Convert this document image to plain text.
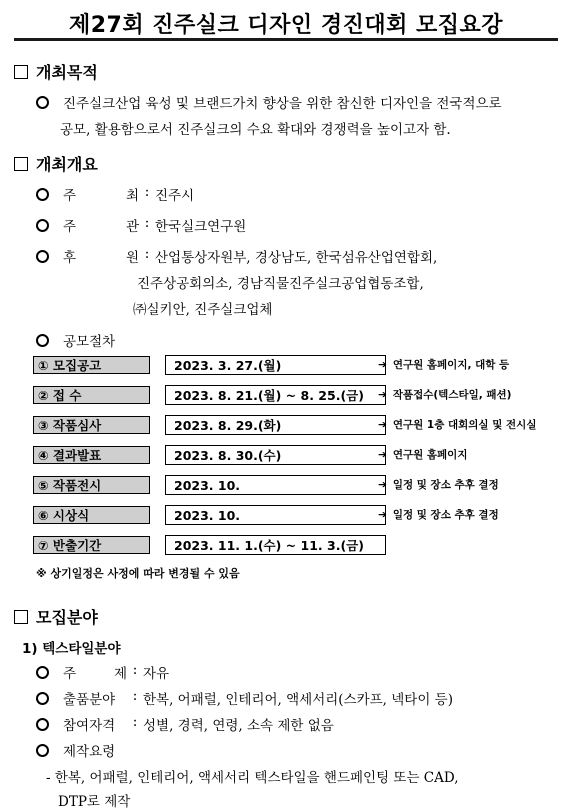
제27회 진주실크 디자인 경진대회 모집요강
개최목적
진주실크산업 육성 및 브랜드가치 향상을 위한 참신한 디자인을 전국적으로
공모, 활용함으로서 진주실크의 수요 확대와 경쟁력을 높이고자 함.
개최개요
주	최 : 진주시
주	관 : 한국실크연구원
후	원 : 산업통상자원부, 경상남도, 한국섬유산업연합회,
진주상공회의소, 경남직물진주실크공업협동조합,
㈜실키안, 진주실크업체
공모절차
① 모집공고	2023. 3. 27.(월)	➔ 연구원 홈페이지, 대학 등
② 접 수	2023. 8. 21.(월) ~ 8. 25.(금)	➔ 작품접수(텍스타일, 패션)
③ 작품심사	2023. 8. 29.(화)	➔ 연구원 1층 대회의실 및 전시실
④ 결과발표	2023. 8. 30.(수)	➔ 연구원 홈페이지
⑤ 작품전시	2023. 10.	➔ 일정 및 장소 추후 결정
⑥ 시상식	2023. 10.	➔ 일정 및 장소 추후 결정
⑦ 반출기간	2023. 11. 1.(수) ~ 11. 3.(금)
※ 상기일정은 사정에 따라 변경될 수 있음
모집분야
1) 텍스타일분야
주	제 : 자유
출품분야	: 한복, 어패럴, 인테리어, 액세서리(스카프, 넥타이 등)
참여자격	: 성별, 경력, 연령, 소속 제한 없음
제작요령
- 한복, 어패럴, 인테리어, 액세서리 텍스타일을 핸드페인팅 또는 CAD,
DTP로 제작
